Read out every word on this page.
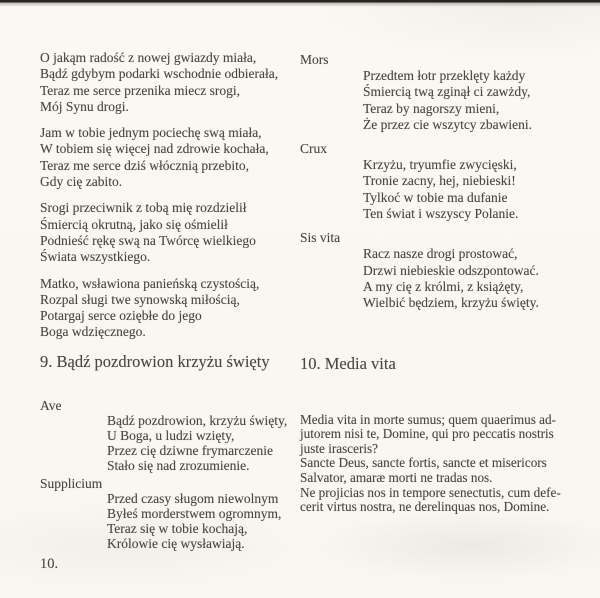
O jakąm radość z nowej gwiazdy miała,
Bądź gdybym podarki wschodnie odbierała,
Teraz me serce przenika miecz srogi,
Mój Synu drogi.
Jam w tobie jednym pociechę swą miała,
W tobiem się więcej nad zdrowie kochała,
Teraz me serce dziś włócznią przebito,
Gdy cię zabito.
Srogi przeciwnik z tobą mię rozdzielił
Śmiercią okrutną, jako się ośmielił
Podnieść rękę swą na Twórcę wielkiego
Świata wszystkiego.
Matko, wsławiona panieńską czystością,
Rozpal sługi twe synowską miłością,
Potargaj serce oziębłe do jego
Boga wdzięcznego.
9. Bądź pozdrowion krzyżu święty
Ave
Bądź pozdrowion, krzyżu święty,
U Boga, u ludzi wzięty,
Przez cię dziwne frymarczenie
Stało się nad zrozumienie.
Supplicium
Przed czasy sługom niewolnym
Byłeś morderstwem ogromnym,
Teraz się w tobie kochają,
Królowie cię wysławiają.
Mors
Przedtem łotr przeklęty każdy
Śmiercią twą zginął ci zawżdy,
Teraz by nagorszy mieni,
Że przez cie wszytcy zbawieni.
Crux
Krzyżu, tryumfie zwycięski,
Tronie zacny, hej, niebieski!
Tylkoć w tobie ma dufanie
Ten świat i wszyscy Polanie.
Sis vita
Racz nasze drogi prostować,
Drzwi niebieskie odszpontować.
A my cię z królmi, z książęty,
Wielbić będziem, krzyżu święty.
10. Media vita
Media vita in morte sumus; quem quaerimus ad-
jutorem nisi te, Domine, qui pro peccatis nostris
juste irasceris?
Sancte Deus, sancte fortis, sancte et misericors
Salvator, amaræ morti ne tradas nos.
Ne projicias nos in tempore senectutis, cum defe-
cerit virtus nostra, ne derelinquas nos, Domine.
10.
